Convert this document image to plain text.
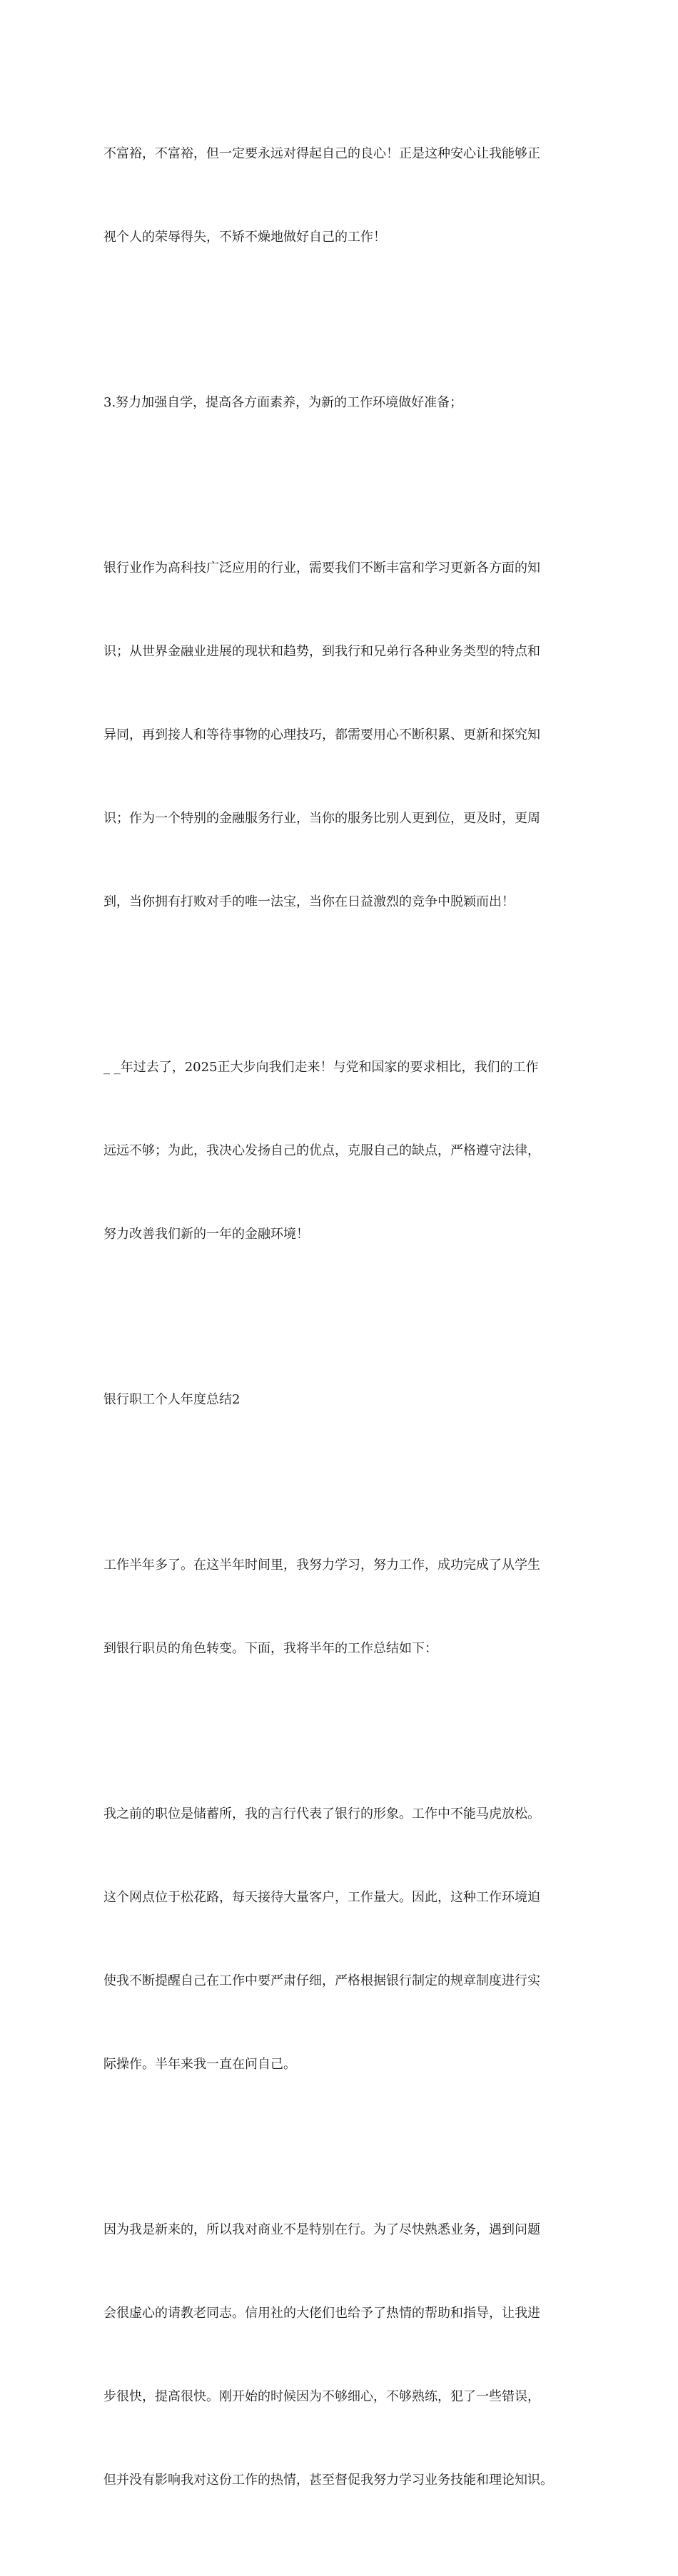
不富裕，不富裕，但一定要永远对得起自己的良心！正是这种安心让我能够正

视个人的荣辱得失，不矫不燥地做好自己的工作！

3.努力加强自学，提高各方面素养，为新的工作环境做好准备；

银行业作为高科技广泛应用的行业，需要我们不断丰富和学习更新各方面的知

识；从世界金融业进展的现状和趋势，到我行和兄弟行各种业务类型的特点和

异同，再到接人和等待事物的心理技巧，都需要用心不断积累、更新和探究知

识；作为一个特别的金融服务行业，当你的服务比别人更到位，更及时，更周

到，当你拥有打败对手的唯一法宝，当你在日益激烈的竞争中脱颖而出！

_ _年过去了，2025正大步向我们走来！与党和国家的要求相比，我们的工作

远远不够；为此，我决心发扬自己的优点，克服自己的缺点，严格遵守法律，

努力改善我们新的一年的金融环境！

银行职工个人年度总结2

工作半年多了。在这半年时间里，我努力学习，努力工作，成功完成了从学生

到银行职员的角色转变。下面，我将半年的工作总结如下：

我之前的职位是储蓄所，我的言行代表了银行的形象。工作中不能马虎放松。

这个网点位于松花路，每天接待大量客户，工作量大。因此，这种工作环境迫

使我不断提醒自己在工作中要严肃仔细，严格根据银行制定的规章制度进行实

际操作。半年来我一直在问自己。

因为我是新来的，所以我对商业不是特别在行。为了尽快熟悉业务，遇到问题

会很虚心的请教老同志。信用社的大佬们也给予了热情的帮助和指导，让我进

步很快，提高很快。刚开始的时候因为不够细心，不够熟练，犯了一些错误，

但并没有影响我对这份工作的热情，甚至督促我努力学习业务技能和理论知识。
